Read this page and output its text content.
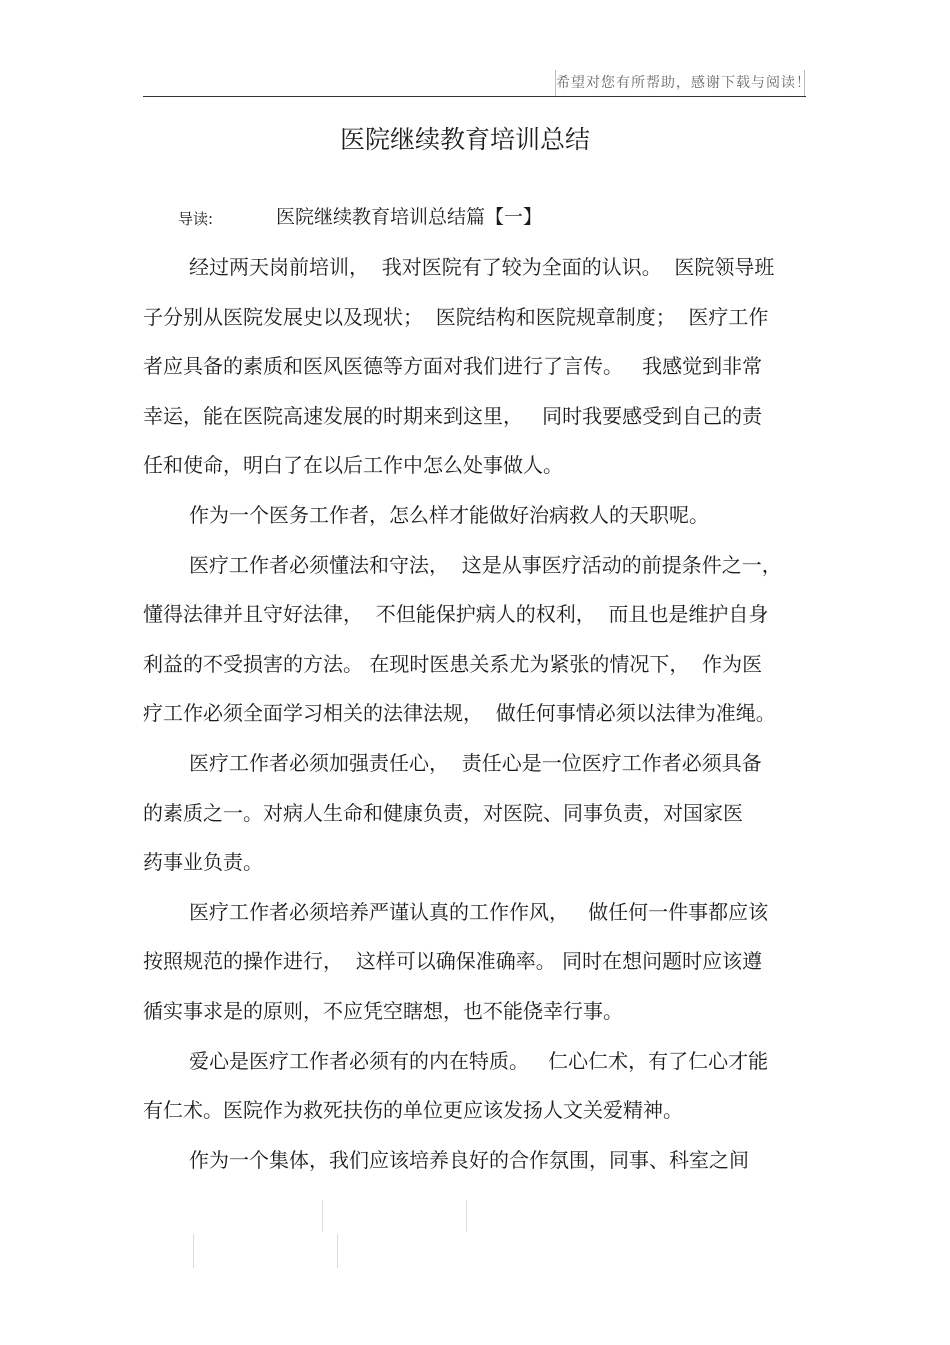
希望对您有所帮助，感谢下载与阅读！
医院继续教育培训总结
导读:	医院继续教育培训总结篇【一】
经过两天岗前培训，  我对医院有了较为全面的认识。  医院领导班
子分别从医院发展史以及现状；  医院结构和医院规章制度；  医疗工作
者应具备的素质和医风医德等方面对我们进行了言传。   我感觉到非常
幸运，能在医院高速发展的时期来到这里，   同时我要感受到自己的责
任和使命，明白了在以后工作中怎么处事做人。
作为一个医务工作者，怎么样才能做好治病救人的天职呢。
医疗工作者必须懂法和守法，  这是从事医疗活动的前提条件之一，
懂得法律并且守好法律，  不但能保护病人的权利，  而且也是维护自身
利益的不受损害的方法。 在现时医患关系尤为紧张的情况下，  作为医
疗工作必须全面学习相关的法律法规，  做任何事情必须以法律为准绳。
医疗工作者必须加强责任心，  责任心是一位医疗工作者必须具备
的素质之一。对病人生命和健康负责，对医院、同事负责，对国家医
药事业负责。
医疗工作者必须培养严谨认真的工作作风，   做任何一件事都应该
按照规范的操作进行，  这样可以确保准确率。 同时在想问题时应该遵
循实事求是的原则，不应凭空瞎想，也不能侥幸行事。
爱心是医疗工作者必须有的内在特质。   仁心仁术，有了仁心才能
有仁术。医院作为救死扶伤的单位更应该发扬人文关爱精神。
作为一个集体，我们应该培养良好的合作氛围，同事、科室之间
